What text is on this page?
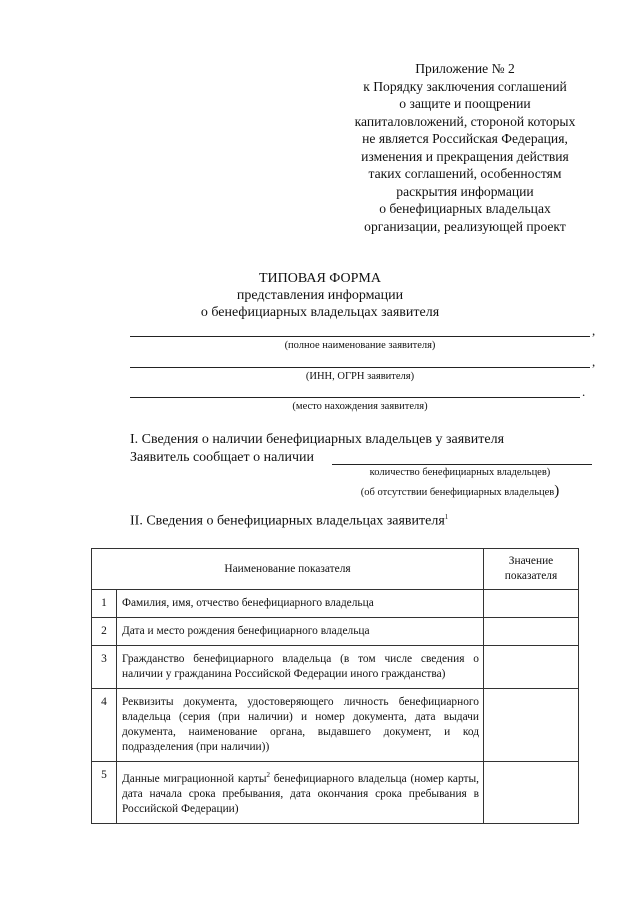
Приложение № 2
к Порядку заключения соглашений
о защите и поощрении
капиталовложений, стороной которых
не является Российская Федерация,
изменения и прекращения действия
таких соглашений, особенностям
раскрытия информации
о бенефициарных владельцах
организации, реализующей проект
ТИПОВАЯ ФОРМА
представления информации
о бенефициарных владельцах заявителя
,
(полное наименование заявителя)
,
(ИНН, ОГРН заявителя)
.
(место нахождения заявителя)
I. Сведения о наличии бенефициарных владельцев у заявителя
Заявитель сообщает о наличии
количество бенефициарных владельцев)
(об отсутствии бенефициарных владельцев)
II. Сведения о бенефициарных владельцах заявителя$^1$
Наименование показателя		Значение показателя
1	Фамилия, имя, отчество бенефициарного владельца	
2	Дата и место рождения бенефициарного владельца	
3	Гражданство бенефициарного владельца (в том числе сведения о наличии у гражданина Российской Федерации иного гражданства)	
4	Реквизиты документа, удостоверяющего личность бенефициарного владельца (серия (при наличии) и номер документа, дата выдачи документа, наименование органа, выдавшего документ, и код подразделения (при наличии))	
5	Данные миграционной карты$^2$ бенефициарного владельца (номер карты, дата начала срока пребывания, дата окончания срока пребывания в Российской Федерации)	
